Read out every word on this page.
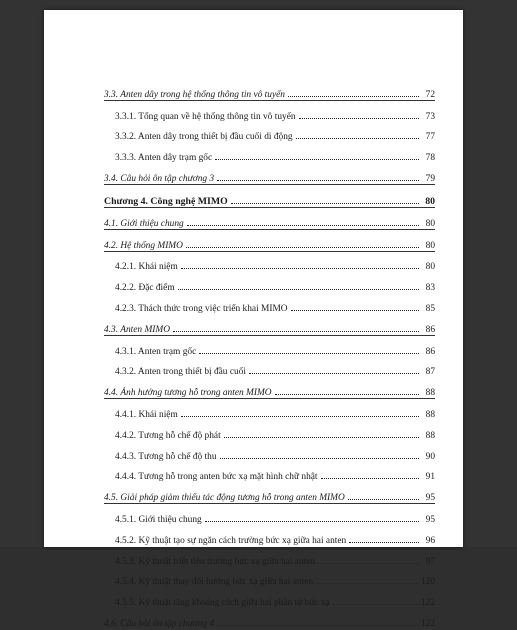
3.3. Anten dây trong hệ thống thông tin vô tuyến	72
3.3.1. Tổng quan về hệ thống thông tin vô tuyến	73
3.3.2. Anten dây trong thiết bị đầu cuối di động	77
3.3.3. Anten dây trạm gốc	78
3.4. Câu hỏi ôn tập chương 3	79
Chương 4. Công nghệ MIMO	80
4.1. Giới thiệu chung	80
4.2. Hệ thống MIMO	80
4.2.1. Khái niệm	80
4.2.2. Đặc điểm	83
4.2.3. Thách thức trong việc triển khai MIMO	85
4.3. Anten MIMO	86
4.3.1. Anten trạm gốc	86
4.3.2. Anten trong thiết bị đầu cuối	87
4.4. Ảnh hưởng tương hỗ trong anten MIMO	88
4.4.1. Khái niệm	88
4.4.2. Tương hỗ chế độ phát	88
4.4.3. Tương hỗ chế độ thu	90
4.4.4. Tương hỗ trong anten bức xạ mặt hình chữ nhật	91
4.5. Giải pháp giảm thiểu tác động tương hỗ trong anten MIMO	95
4.5.1. Giới thiệu chung	95
4.5.2. Kỹ thuật tạo sự ngăn cách trường bức xạ giữa hai anten	96
4.5.3. Kỹ thuật triệt tiêu trường bức xạ giữa hai anten	97
4.5.4. Kỹ thuật thay đổi hướng bức xạ giữa hai anten	120
4.5.5. Kỹ thuật tăng khoảng cách giữa hai phần tử bức xạ	122
4.6. Câu hỏi ôn tập chương 4	122
